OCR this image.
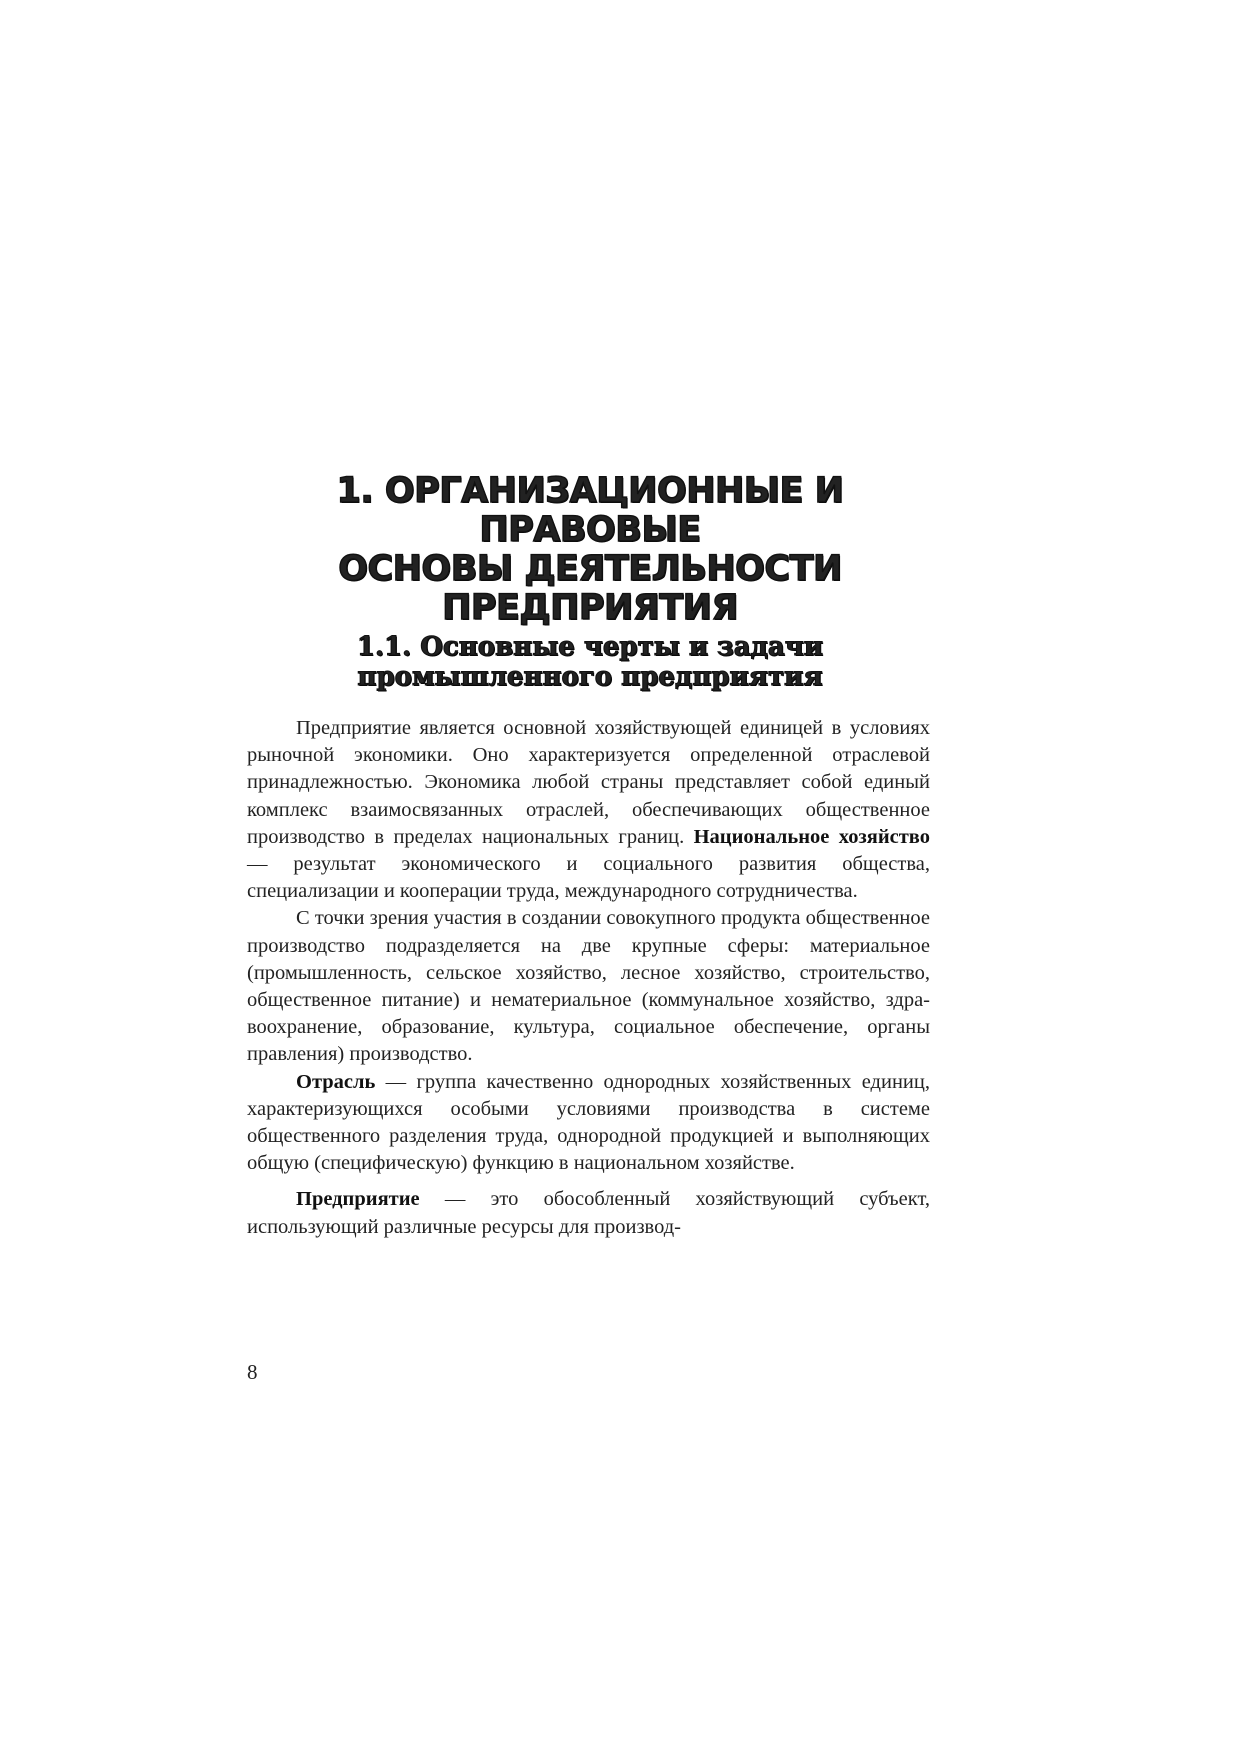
1. ОРГАНИЗАЦИОННЫЕ И ПРАВОВЫЕ
ОСНОВЫ ДЕЯТЕЛЬНОСТИ
ПРЕДПРИЯТИЯ
1.1. Основные черты и задачи
промышленного предприятия

Предприятие является основной хозяйствующей единицей в условиях рыночной экономики. Оно характеризуется определенной отраслевой принадлежностью. Экономика любой страны представляет собой единый комплекс взаимосвязанных отраслей, обеспечивающих общественное производство в пределах национальных границ. Национальное хозяйство — результат экономического и социального развития общества, специализации и кооперации труда, международного сотрудничества.

С точки зрения участия в создании совокупного продукта общественное производство подразделяется на две крупные сферы: материальное (промышленность, сельское хозяйство, лесное хозяйство, строительство, общественное питание) и нематериальное (коммунальное хозяйство, здравоохранение, образование, культура, социальное обеспечение, органы правления) производство.

Отрасль — группа качественно однородных хозяйственных единиц, характеризующихся особыми условиями производства в системе общественного разделения труда, однородной продукцией и выполняющих общую (специфическую) функцию в национальном хозяйстве.

Предприятие — это обособленный хозяйствующий субъект, использующий различные ресурсы для производ-

8
